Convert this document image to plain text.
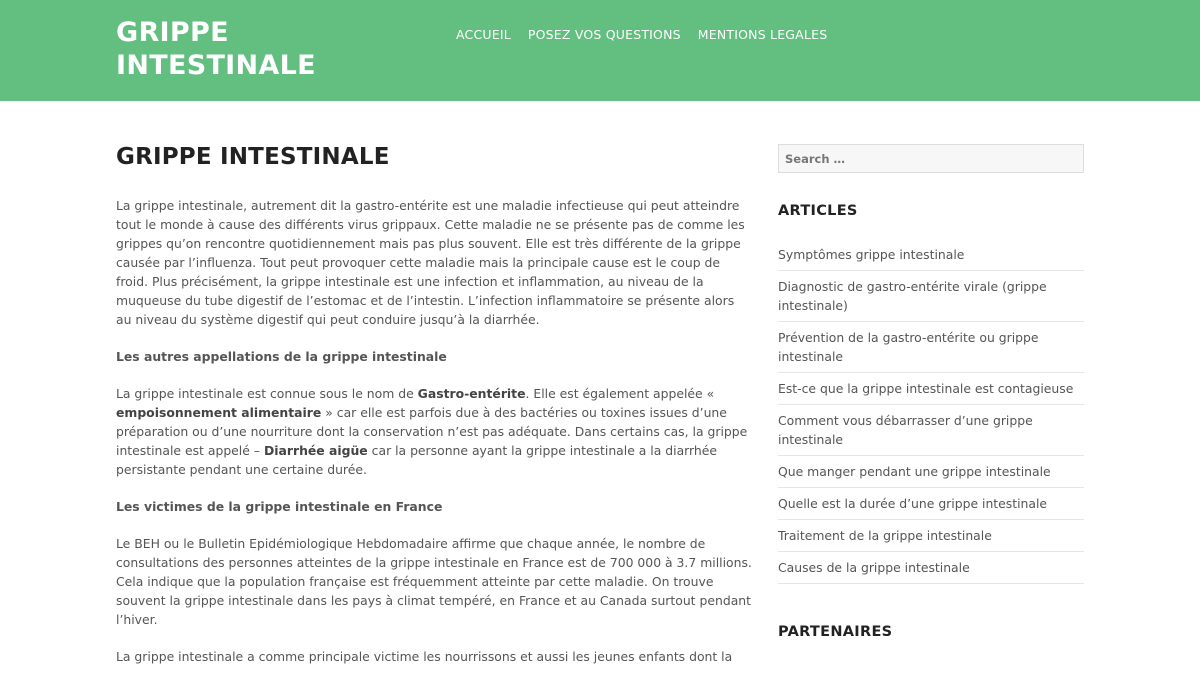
GRIPPE
INTESTINALE
ACCUEIL POSEZ VOS QUESTIONS MENTIONS LEGALES
GRIPPE INTESTINALE

La grippe intestinale, autrement dit la gastro-entérite est une maladie infectieuse qui peut atteindre tout le monde à cause des différents virus grippaux. Cette maladie ne se présente pas de comme les grippes qu’on rencontre quotidiennement mais pas plus souvent. Elle est très différente de la grippe causée par l’influenza. Tout peut provoquer cette maladie mais la principale cause est le coup de froid. Plus précisément, la grippe intestinale est une infection et inflammation, au niveau de la muqueuse du tube digestif de l’estomac et de l’intestin. L’infection inflammatoire se présente alors au niveau du système digestif qui peut conduire jusqu’à la diarrhée.

Les autres appellations de la grippe intestinale

La grippe intestinale est connue sous le nom de Gastro-entérite. Elle est également appelée « empoisonnement alimentaire » car elle est parfois due à des bactéries ou toxines issues d’une préparation ou d’une nourriture dont la conservation n’est pas adéquate. Dans certains cas, la grippe intestinale est appelé – Diarrhée aigüe car la personne ayant la grippe intestinale a la diarrhée persistante pendant une certaine durée.

Les victimes de la grippe intestinale en France

Le BEH ou le Bulletin Epidémiologique Hebdomadaire affirme que chaque année, le nombre de consultations des personnes atteintes de la grippe intestinale en France est de 700 000 à 3.7 millions. Cela indique que la population française est fréquemment atteinte par cette maladie. On trouve souvent la grippe intestinale dans les pays à climat tempéré, en France et au Canada surtout pendant l’hiver.

La grippe intestinale a comme principale victime les nourrissons et aussi les jeunes enfants dont la

Search …
ARTICLES
Symptômes grippe intestinale
Diagnostic de gastro-entérite virale (grippe intestinale)
Prévention de la gastro-entérite ou grippe intestinale
Est-ce que la grippe intestinale est contagieuse
Comment vous débarrasser d’une grippe intestinale
Que manger pendant une grippe intestinale
Quelle est la durée d’une grippe intestinale
Traitement de la grippe intestinale
Causes de la grippe intestinale
PARTENAIRES
